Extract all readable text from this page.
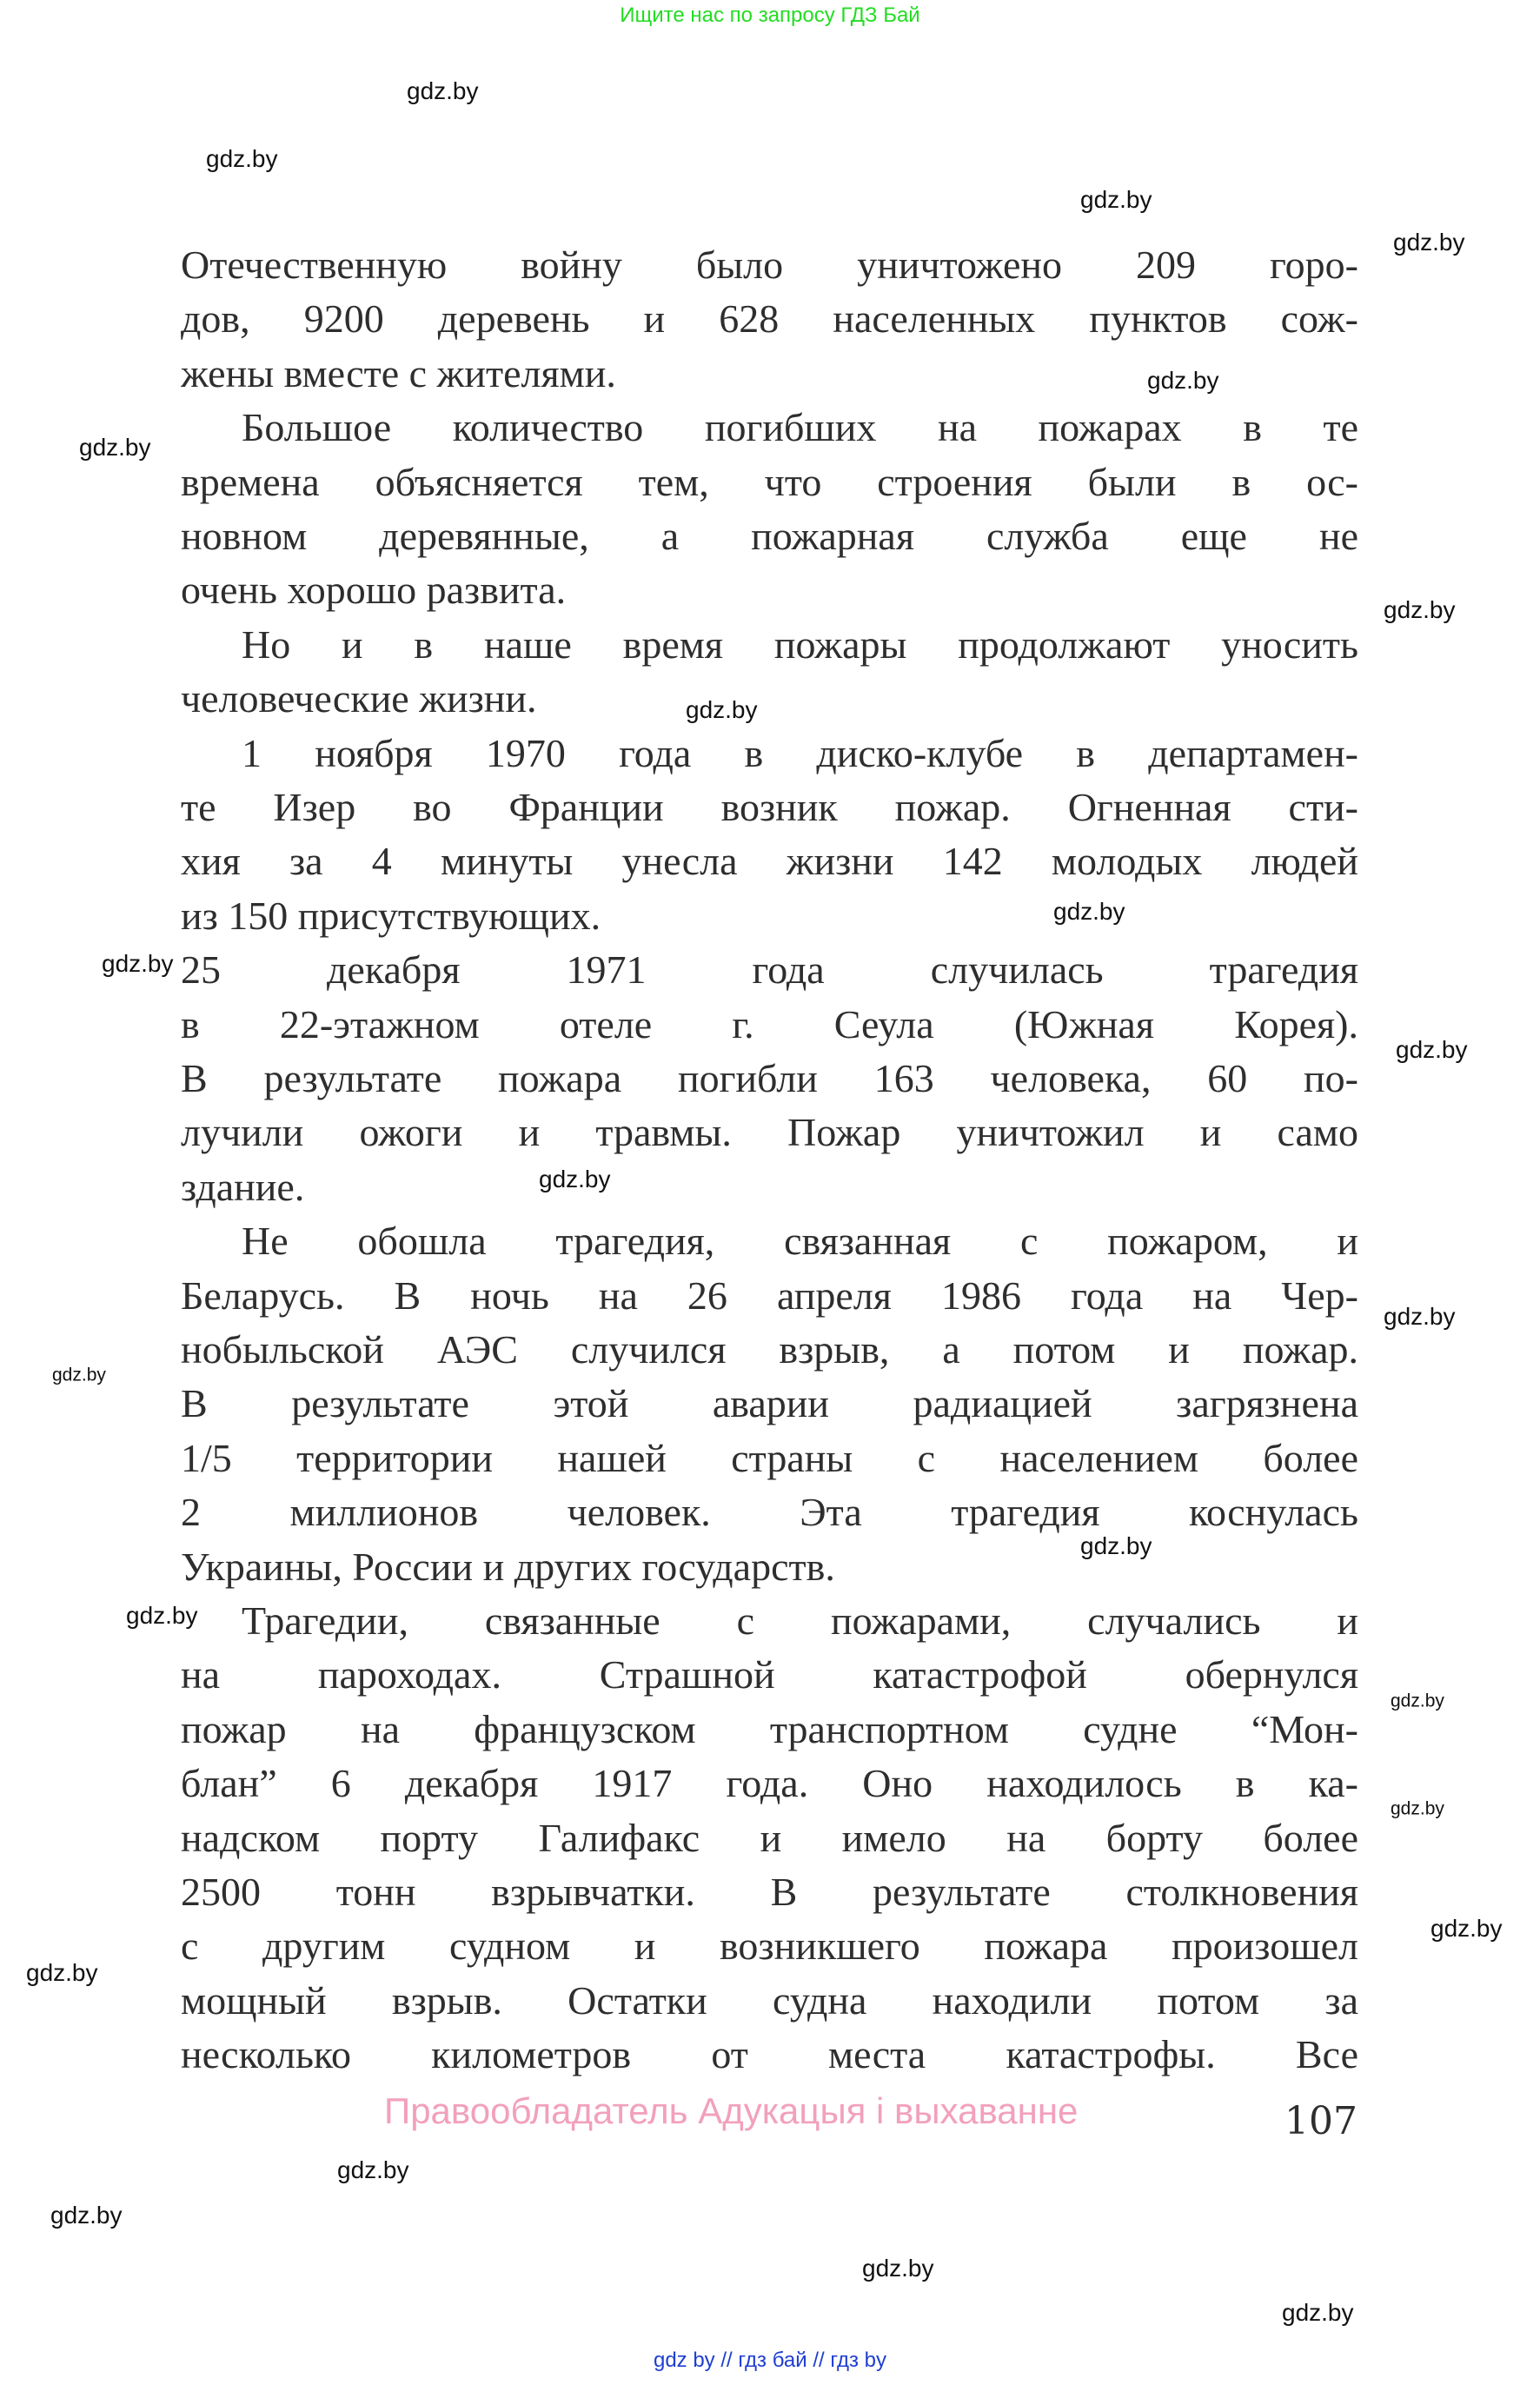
Ищите нас по запросу ГДЗ Бай
Отечественную войну было уничтожено 209 горо-
дов, 9200 деревень и 628 населенных пунктов сож-
жены вместе с жителями.
Большое количество погибших на пожарах в те
времена объясняется тем, что строения были в ос-
новном деревянные, а пожарная служба еще не
очень хорошо развита.
Но и в наше время пожары продолжают уносить
человеческие жизни.
1 ноября 1970 года в диско-клубе в департамен-
те Изер во Франции возник пожар. Огненная сти-
хия за 4 минуты унесла жизни 142 молодых людей
из 150 присутствующих.
25 декабря 1971 года случилась трагедия
в 22-этажном отеле г. Сеула (Южная Корея).
В результате пожара погибли 163 человека, 60 по-
лучили ожоги и травмы. Пожар уничтожил и само
здание.
Не обошла трагедия, связанная с пожаром, и
Беларусь. В ночь на 26 апреля 1986 года на Чер-
нобыльской АЭС случился взрыв, а потом и пожар.
В результате этой аварии радиацией загрязнена
1/5 территории нашей страны с населением более
2 миллионов человек. Эта трагедия коснулась
Украины, России и других государств.
Трагедии, связанные с пожарами, случались и
на пароходах. Страшной катастрофой обернулся
пожар на французском транспортном судне “Мон-
блан” 6 декабря 1917 года. Оно находилось в ка-
надском порту Галифакс и имело на борту более
2500 тонн взрывчатки. В результате столкновения
с другим судном и возникшего пожара произошел
мощный взрыв. Остатки судна находили потом за
несколько километров от места катастрофы. Все
gdz.by
gdz.by
gdz.by
gdz.by
gdz.by
gdz.by
gdz.by
gdz.by
gdz.by
gdz.by
gdz.by
gdz.by
gdz.by
gdz.by
gdz.by
gdz.by
gdz.by
gdz.by
gdz.by
gdz.by
gdz.by
gdz.by
gdz.by
gdz.by
Правообладатель Адукацыя і выхаванне	107
gdz by // гдз бай // гдз by
